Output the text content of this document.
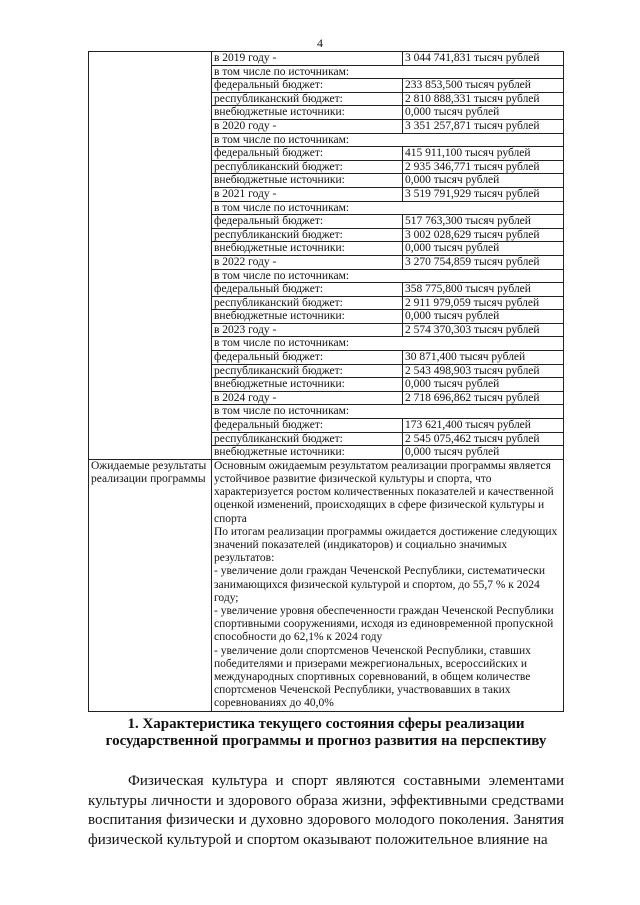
4
	в 2019 году -	3 044 741,831 тысяч рублей
	в том числе по источникам:	
	федеральный бюджет:	233 853,500 тысяч рублей
	республиканский бюджет:	2 810 888,331 тысяч рублей
	внебюджетные источники:	0,000 тысяч рублей
	в 2020 году -	3 351 257,871 тысяч рублей
	в том числе по источникам:	
	федеральный бюджет:	415 911,100 тысяч рублей
	республиканский бюджет:	2 935 346,771 тысяч рублей
	внебюджетные источники:	0,000 тысяч рублей
	в 2021 году -	3 519 791,929 тысяч рублей
	в том числе по источникам:	
	федеральный бюджет:	517 763,300 тысяч рублей
	республиканский бюджет:	3 002 028,629 тысяч рублей
	внебюджетные источники:	0,000 тысяч рублей
	в 2022 году -	3 270 754,859 тысяч рублей
	в том числе по источникам:	
	федеральный бюджет:	358 775,800 тысяч рублей
	республиканский бюджет:	2 911 979,059 тысяч рублей
	внебюджетные источники:	0,000 тысяч рублей
	в 2023 году -	2 574 370,303 тысяч рублей
	в том числе по источникам:	
	федеральный бюджет:	30 871,400 тысяч рублей
	республиканский бюджет:	2 543 498,903 тысяч рублей
	внебюджетные источники:	0,000 тысяч рублей
	в 2024 году -	2 718 696,862 тысяч рублей
	в том числе по источникам:	
	федеральный бюджет:	173 621,400 тысяч рублей
	республиканский бюджет:	2 545 075,462 тысяч рублей
	внебюджетные источники:	0,000 тысяч рублей
Ожидаемые результаты реализации программы	Основным ожидаемым результатом реализации программы является устойчивое развитие физической культуры и спорта, что характеризуется ростом количественных показателей и качественной оценкой изменений, происходящих в сфере физической культуры и спорта

По итогам реализации программы ожидается достижение следующих значений показателей (индикаторов) и социально значимых результатов:

- увеличение доли граждан Чеченской Республики, систематически занимающихся физической культурой и спортом, до 55,7 % к 2024 году;

- увеличение уровня обеспеченности граждан Чеченской Республики спортивными сооружениями, исходя из единовременной пропускной способности до 62,1% к 2024 году

- увеличение доли спортсменов Чеченской Республики, ставших победителями и призерами межрегиональных, всероссийских и международных спортивных соревнований, в общем количестве спортсменов Чеченской Республики, участвовавших в таких соревнованиях до 40,0%	

1. Характеристика текущего состояния сферы реализации государственной программы и прогноз развития на перспективу

Физическая культура и спорт являются составными элементами культуры личности и здорового образа жизни, эффективными средствами воспитания физически и духовно здорового молодого поколения. Занятия физической культурой и спортом оказывают положительное влияние на
